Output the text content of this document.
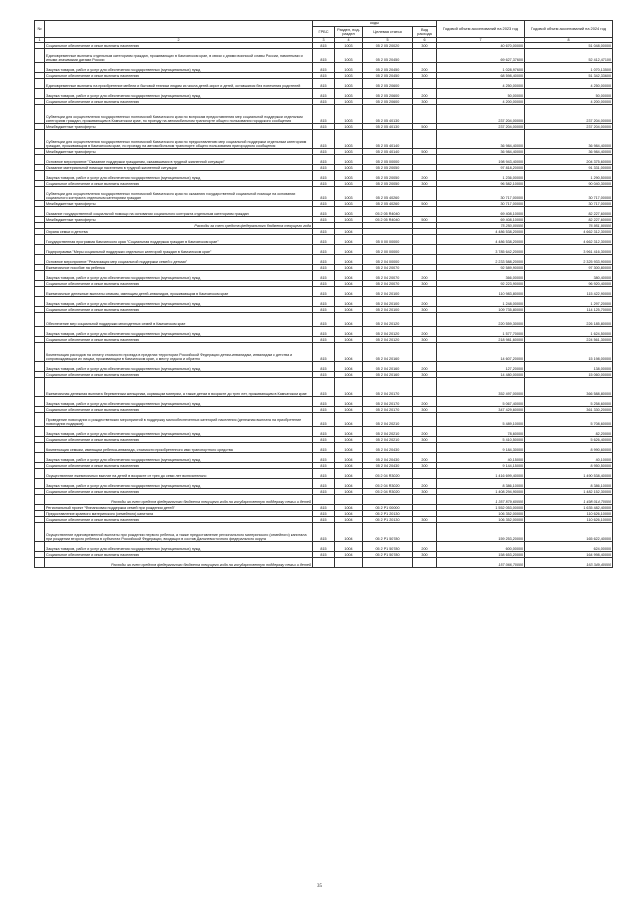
№		коды				Годовой объем ассигнований на 2023 год	Годовой объем ассигнований на 2024 год
		ГРБС	Раздел, под-раздел	Целевая статья	Вид расхода		
1	2	3	4	5	6	7	8
	Социальное обеспечение и иные выплаты населению	815	1003	05 2 05 20020	300	40 670,00000	51 048,00000
	Единовременные выплаты отдельным категориям граждан, проживающих в Камчатском крае, в связи с днями воинской славы России, памятными и иными значимыми датами России	815	1003	05 2 05 20450		69 627,37600	52 412,47100
	Закупка товаров, работ и услуг для обеспечения государственных (муниципальных) нужд	815	1003	05 2 05 20450	200	1 028,97600	1 070,13500
	Социальное обеспечение и иные выплаты населению	815	1003	05 2 05 20450	300	68 598,40000	51 342,33600
	Единовременные выплаты на приобретение мебели и бытовой техники людям из числа детей-сирот и детей, оставшихся без попечения родителей	815	1003	05 2 05 20600		4 250,00000	4 250,00000
	Закупка товаров, работ и услуг для обеспечения государственных (муниципальных) нужд	815	1003	05 2 05 20600	200	50,00000	50,00000
	Социальное обеспечение и иные выплаты населению	815	1003	05 2 05 20600	300	4 200,00000	4 200,00000
	Субвенции для осуществления государственных полномочий Камчатского края по вопросам предоставления мер социальной поддержки отдельным категориям граждан, проживающим в Камчатском крае, по проезду на автомобильном транспорте общего пользования городского сообщения	815	1003	05 2 05 40130		237 204,00000	237 204,00000
	Межбюджетные трансферты	815	1003	05 2 05 40130	500	237 204,00000	237 204,00000
	Субвенции для осуществления государственных полномочий Камчатского края по предоставлению мер социальной поддержки отдельным категориям граждан, проживающим в Камчатском крае, по проезду на автомобильном транспорте общего пользования пригородного сообщения	815	1003	05 2 05 40140		36 984,40000	36 984,40000
	Межбюджетные трансферты	815	1003	05 2 05 40140	500	36 984,40000	36 984,40000
	Основное мероприятие "Оказание поддержки гражданам, оказавшимся в трудной жизненной ситуации"	815	1003	05 2 05 00000		198 943,40000	204 375,60000
	Оказание материальной помощи населению в трудной жизненной ситуации	815	1003	05 2 05 20050		97 818,20000	91 331,00000
	Закупка товаров, работ и услуг для обеспечения государственных (муниципальных) нужд	815	1003	05 2 05 20050	200	1 236,00000	1 290,50000
	Социальное обеспечение и иные выплаты населению	815	1003	05 2 05 20050	300	96 582,10000	90 040,30000
	Субвенции для осуществления государственных полномочий Камчатского края по оказанию государственной социальной помощи на основании социального контракта отдельным категориям граждан	815	1003	05 2 05 40260		30 717,00000	30 717,00000
	Межбюджетные трансферты	815	1003	05 2 05 40260	500	30 717,00000	30 717,00000
	Оказание государственной социальной помощи на основании социального контракта отдельным категориям граждан	815	1003	05 2 05 R4040		69 408,10000	82 227,60000
	Межбюджетные трансферты	815	1003	05 2 05 R4040	500	69 408,10000	82 227,60000
	Расходы за счет средств федерального бюджета текущего года					75 250,00000	76 951,90000
	Охрана семьи и детства	815	1004			4 486 538,20000	4 662 312,30000
	Государственная программа Камчатского края "Социальная поддержка граждан в Камчатском крае"	815	1004	05 0 00 00000		4 486 538,20000	4 662 312,30000
	Подпрограмма "Меры социальной поддержки отдельных категорий граждан в Камчатском крае"	815	1004	05 2 00 00000		3 785 642,20000	3 961 416,30000
	Основное мероприятие "Реализация мер социальной поддержки семей с детьми"	815	1004	05 2 04 00000		2 233 588,20000	2 325 933,90000
	Ежемесячное пособие на ребенка	815	1004	05 2 04 20070		92 589,90000	97 300,80000
	Закупка товаров, работ и услуг для обеспечения государственных (муниципальных) нужд	815	1004	05 2 04 20070	200	366,00000	380,40000
	Социальное обеспечение и иные выплаты населению	815	1004	05 2 04 20070	300	92 223,90000	96 920,40000
	Ежемесячные денежные выплаты семьям, имеющим детей-инвалидов, проживающим в Камчатском крае	815	1004	05 2 04 20100		110 983,80000	115 422,90000
	Закупка товаров, работ и услуг для обеспечения государственных (муниципальных) нужд	815	1004	05 2 04 20100	200	1 248,00000	1 297,20000
	Социальное обеспечение и иные выплаты населению	815	1004	05 2 04 20100	300	109 735,80000	114 125,70000
	Обеспечение мер социальной поддержки многодетных семей в Камчатском крае	815	1004	05 2 04 20120		220 559,30000	226 185,80000
	Закупка товаров, работ и услуг для обеспечения государственных (муниципальных) нужд	815	1004	05 2 04 20120	200	1 577,70000	1 624,50000
	Социальное обеспечение и иные выплаты населению	815	1004	05 2 04 20120	300	218 981,60000	224 561,30000
	Компенсация расходов на оплату стоимости проезда в пределах территории Российской Федерации детям-инвалидам, инвалидам с детства и сопровождающим их лицам, проживающим в Камчатском крае, к месту отдыха и обратно	815	1004	05 2 04 20160		14 607,20000	15 198,00000
	Закупка товаров, работ и услуг для обеспечения государственных (муниципальных) нужд	815	1004	05 2 04 20160	200	127,20000	138,00000
	Социальное обеспечение и иные выплаты населению	815	1004	05 2 04 20160	300	14 480,00000	15 060,00000
	Ежемесячная денежная выплата беременным женщинам, кормящим матерям, а также детям в возрасте до трех лет, проживающим в Камчатском крае	815	1004	05 2 04 20170		352 497,00000	366 588,80000
	Закупка товаров, работ и услуг для обеспечения государственных (муниципальных) нужд	815	1004	05 2 04 20170	200	5 067,40000	5 258,60000
	Социальное обеспечение и иные выплаты населению	815	1004	05 2 04 20170	300	347 429,60000	361 330,20000
	Проведение новогодних и рождественских мероприятий в поддержку малообеспеченных категорий населения (денежная выплата на приобретение новогодних подарков)	815	1004	05 2 04 20210		5 489,10000	5 708,60000
	Закупка товаров, работ и услуг для обеспечения государственных (муниципальных) нужд	815	1004	05 2 04 20210	200	78,60000	82,20000
	Социальное обеспечение и иные выплаты населению	815	1004	05 2 04 20210	300	5 410,50000	5 626,40000
	Компенсация семьям, имеющим ребенка-инвалида, стоимости приобретенного ими транспортного средства	815	1004	05 2 04 20430		9 184,30000	8 990,60000
	Закупка товаров, работ и услуг для обеспечения государственных (муниципальных) нужд	815	1004	05 2 04 20430	200	40,15000	40,10000
	Социальное обеспечение и иные выплаты населению	815	1004	05 2 04 20430	300	9 144,15000	8 950,50000
	Осуществление ежемесячных выплат на детей в возрасте от трех до семи лет включительно	815	1004	05 2 04 R3020		1 416 699,40000	1 490 538,40000
	Закупка товаров, работ и услуг для обеспечения государственных (муниципальных) нужд	815	1004	05 2 04 R3020	200	8 386,10000	8 386,10000
	Социальное обеспечение и иные выплаты населению	815	1004	05 2 04 R3020	300	1 408 294,90000	1 482 152,30000
	Расходы за счет средств федерального бюджета текущего года на государственную поддержку семьи и детей					1 357 879,60000	1 498 014,70000
	Региональный проект "Финансовая поддержка семей при рождении детей"	815	1004	05 2 P1 00000		1 552 053,00000	1 635 482,40000
	Предоставление краевого материнского (семейного) капитала	815	1004	05 2 P1 20130		106 352,00000	110 626,10000
	Социальное обеспечение и иные выплаты населению	815	1004	05 2 P1 20130	300	106 352,00000	110 626,10000
	Осуществление единовременной выплаты при рождении первого ребенка, а также предоставление регионального материнского (семейного) капитала при рождении второго ребенка в субъектах Российской Федерации, входящих в состав Дальневосточного федерального округа	815	1004	05 2 P1 50780		159 253,20000	165 622,40000
	Закупка товаров, работ и услуг для обеспечения государственных (муниципальных) нужд	815	1004	05 2 P1 50780	200	600,00000	624,00000
	Социальное обеспечение и иные выплаты населению	815	1004	05 2 P1 50780	300	158 653,20000	164 998,40000
	Расходы за счет средств федерального бюджета текущего года на государственную поддержку семьи и детей					157 066,70000	163 349,40000
35
